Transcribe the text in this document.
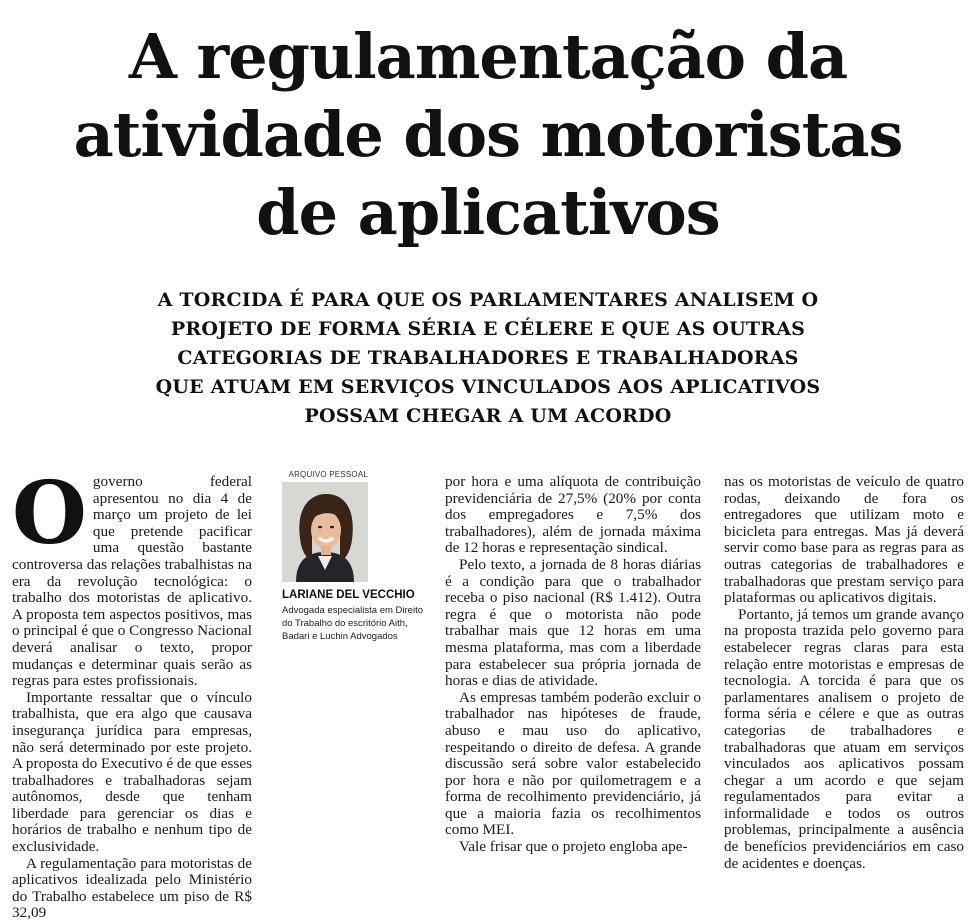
A regulamentação da atividade dos motoristas de aplicativos

A TORCIDA É PARA QUE OS PARLAMENTARES ANALISEM O PROJETO DE FORMA SÉRIA E CÉLERE E QUE AS OUTRAS CATEGORIAS DE TRABALHADORES E TRABALHADORAS QUE ATUAM EM SERVIÇOS VINCULADOS AOS APLICATIVOS POSSAM CHEGAR A UM ACORDO

Ogoverno federal apresentou no dia 4 de março um projeto de lei que pretende pacificar uma questão bastante controversa das relações trabalhistas na era da revolução tecnológica: o trabalho dos motoristas de aplicativo. A proposta tem aspectos positivos, mas o principal é que o Congresso Nacional deverá analisar o texto, propor mudanças e determinar quais serão as regras para estes profissionais.

Importante ressaltar que o vínculo trabalhista, que era algo que causava insegurança jurídica para empresas, não será determinado por este projeto. A proposta do Executivo é de que esses trabalhadores e trabalhadoras sejam autônomos, desde que tenham liberdade para gerenciar os dias e horários de trabalho e nenhum tipo de exclusividade.

A regulamentação para motoristas de aplicativos idealizada pelo Ministério do Trabalho estabelece um piso de R$ 32,09

ARQUIVO PESSOAL
LARIANE DEL VECCHIO
Advogada especialista em Direito do Trabalho do escritório Aith, Badari e Luchin Advogados

por hora e uma alíquota de contribuição previdenciária de 27,5% (20% por conta dos empregadores e 7,5% dos trabalhadores), além de jornada máxima de 12 horas e representação sindical.

Pelo texto, a jornada de 8 horas diárias é a condição para que o trabalhador receba o piso nacional (R$ 1.412). Outra regra é que o motorista não pode trabalhar mais que 12 horas em uma mesma plataforma, mas com a liberdade para estabelecer sua própria jornada de horas e dias de atividade.

As empresas também poderão excluir o trabalhador nas hipóteses de fraude, abuso e mau uso do aplicativo, respeitando o direito de defesa. A grande discussão será sobre valor estabelecido por hora e não por quilometragem e a forma de recolhimento previdenciário, já que a maioria fazia os recolhimentos como MEI.

Vale frisar que o projeto engloba ape-

nas os motoristas de veículo de quatro rodas, deixando de fora os entregadores que utilizam moto e bicicleta para entregas. Mas já deverá servir como base para as regras para as outras categorias de trabalhadores e trabalhadoras que prestam serviço para plataformas ou aplicativos digitais.

Portanto, já temos um grande avanço na proposta trazida pelo governo para estabelecer regras claras para esta relação entre motoristas e empresas de tecnologia. A torcida é para que os parlamentares analisem o projeto de forma séria e célere e que as outras categorias de trabalhadores e trabalhadoras que atuam em serviços vinculados aos aplicativos possam chegar a um acordo e que sejam regulamentados para evitar a informalidade e todos os outros problemas, principalmente a ausência de benefícios previdenciários em caso de acidentes e doenças.
